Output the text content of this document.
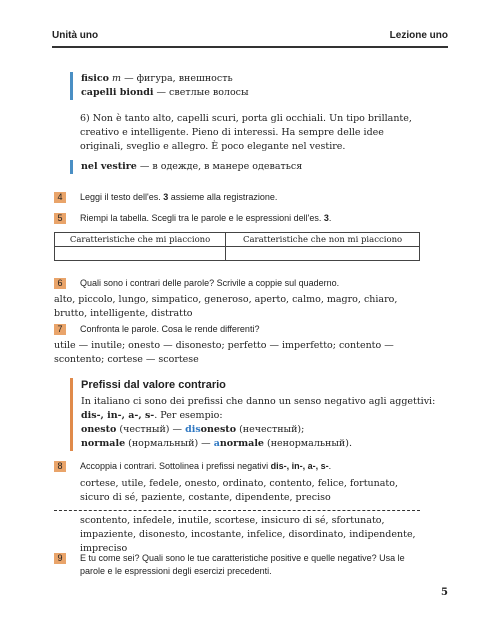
Unità uno	Lezione uno
fisico m — фигура, внешность
capelli biondi — светлые волосы
6) Non è tanto alto, capelli scuri, porta gli occhiali. Un tipo brillante, creativo e intelligente. Pieno di interessi. Ha sempre delle idee originali, sveglio e allegro. È poco elegante nel vestire.
nel vestire — в одежде, в манере одеваться
4	Leggi il testo dell'es. 3 assieme alla registrazione.
5	Riempi la tabella. Scegli tra le parole e le espressioni dell'es. 3.
Caratteristiche che mi piacciono	Caratteristiche che non mi piacciono

6	Quali sono i contrari delle parole? Scrivile a coppie sul quaderno.
alto, piccolo, lungo, simpatico, generoso, aperto, calmo, magro, chiaro, brutto, intelligente, distratto
7	Confronta le parole. Cosa le rende differenti?
utile — inutile; onesto — disonesto; perfetto — imperfetto; contento — scontento; cortese — scortese
Prefissi dal valore contrario
In italiano ci sono dei prefissi che danno un senso negativo agli aggettivi:
dis-, in-, a-, s-. Per esempio:
onesto (честный) — disonesto (нечестный);
normale (нормальный) — anormale (ненормальный).
8	Accoppia i contrari. Sottolinea i prefissi negativi dis-, in-, a-, s-.
cortese, utile, fedele, onesto, ordinato, contento, felice, fortunato, sicuro di sé, paziente, costante, dipendente, preciso
scontento, infedele, inutile, scortese, insicuro di sé, sfortunato, impaziente, disonesto, incostante, infelice, disordinato, indipendente, impreciso
9	E tu come sei? Quali sono le tue caratteristiche positive e quelle negative? Usa le parole e le espressioni degli esercizi precedenti.
5
